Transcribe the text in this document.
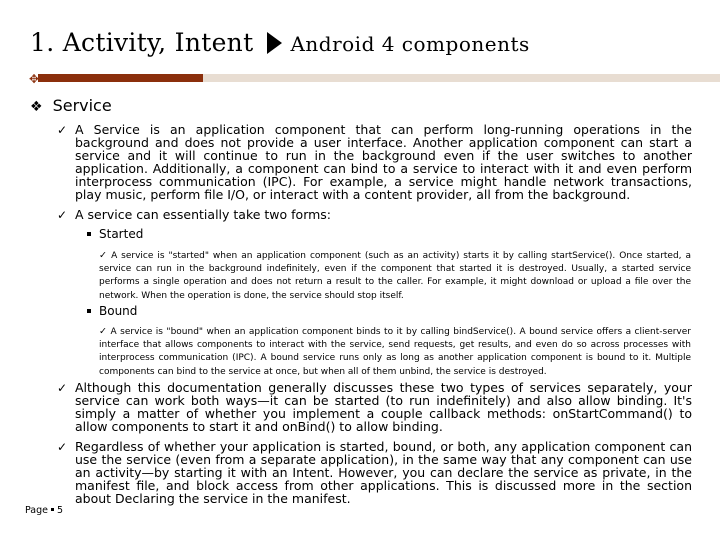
1. Activity, Intent Android 4 components
✥
❖ Service
✓ A Service is an application component that can perform long-running operations in the background and does not provide a user interface. Another application component can start a service and it will continue to run in the background even if the user switches to another application. Additionally, a component can bind to a service to interact with it and even perform interprocess communication (IPC). For example, a service might handle network transactions, play music, perform file I/O, or interact with a content provider, all from the background.
✓ A service can essentially take two forms:
Started
✓ A service is "started" when an application component (such as an activity) starts it by calling startService(). Once started, a service can run in the background indefinitely, even if the component that started it is destroyed. Usually, a started service performs a single operation and does not return a result to the caller. For example, it might download or upload a file over the network. When the operation is done, the service should stop itself.
Bound
✓ A service is "bound" when an application component binds to it by calling bindService(). A bound service offers a client-server interface that allows components to interact with the service, send requests, get results, and even do so across processes with interprocess communication (IPC). A bound service runs only as long as another application component is bound to it. Multiple components can bind to the service at once, but when all of them unbind, the service is destroyed.
✓ Although this documentation generally discusses these two types of services separately, your service can work both ways—it can be started (to run indefinitely) and also allow binding. It's simply a matter of whether you implement a couple callback methods: onStartCommand() to allow components to start it and onBind() to allow binding.
✓ Regardless of whether your application is started, bound, or both, any application component can use the service (even from a separate application), in the same way that any component can use an activity—by starting it with an Intent. However, you can declare the service as private, in the manifest file, and block access from other applications. This is discussed more in the section about Declaring the service in the manifest.
Page 5
